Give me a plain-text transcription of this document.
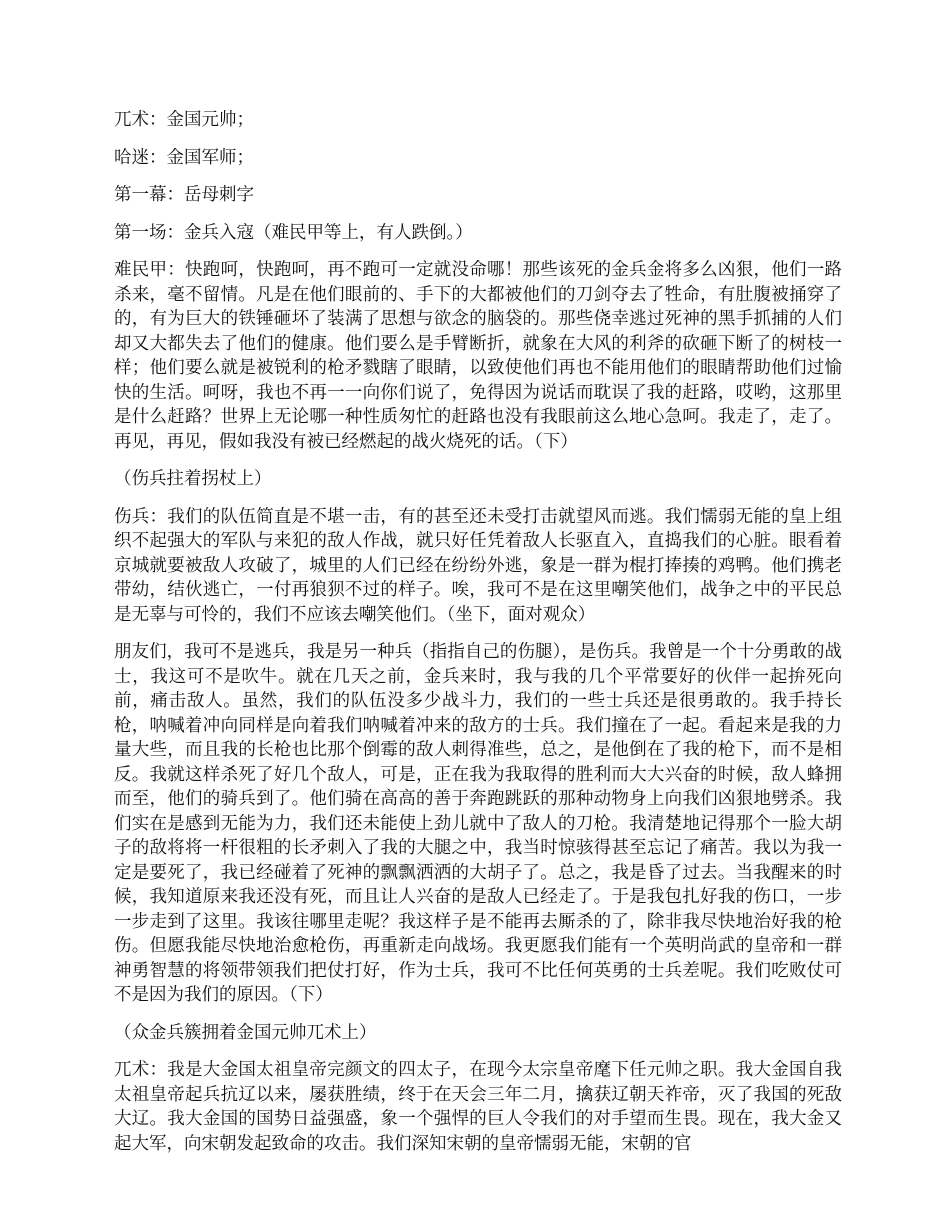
兀术：金国元帅；

哈迷：金国军师；

第一幕：岳母刺字

第一场：金兵入寇（难民甲等上，有人跌倒。）

难民甲：快跑呵，快跑呵，再不跑可一定就没命哪！那些该死的金兵金将多么凶狠，他们一路杀来，毫不留情。凡是在他们眼前的、手下的大都被他们的刀剑夺去了牲命，有肚腹被捅穿了的，有为巨大的铁锤砸坏了装满了思想与欲念的脑袋的。那些侥幸逃过死神的黑手抓捕的人们却又大都失去了他们的健康。他们要么是手臂断折，就象在大风的利斧的砍砸下断了的树枝一样；他们要么就是被锐利的枪矛戮瞎了眼睛，以致使他们再也不能用他们的眼睛帮助他们过愉快的生活。呵呀，我也不再一一向你们说了，免得因为说话而耽误了我的赶路，哎哟，这那里是什么赶路？世界上无论哪一种性质匆忙的赶路也没有我眼前这么地心急呵。我走了，走了。再见，再见，假如我没有被已经燃起的战火烧死的话。（下）

（伤兵拄着拐杖上）

伤兵：我们的队伍简直是不堪一击，有的甚至还未受打击就望风而逃。我们懦弱无能的皇上组织不起强大的军队与来犯的敌人作战，就只好任凭着敌人长驱直入，直捣我们的心脏。眼看着京城就要被敌人攻破了，城里的人们已经在纷纷外逃，象是一群为棍打捧揍的鸡鸭。他们携老带幼，结伙逃亡，一付再狼狈不过的样子。唉，我可不是在这里嘲笑他们，战争之中的平民总是无辜与可怜的，我们不应该去嘲笑他们。（坐下，面对观众）

朋友们，我可不是逃兵，我是另一种兵（指指自己的伤腿），是伤兵。我曾是一个十分勇敢的战士，我这可不是吹牛。就在几天之前，金兵来时，我与我的几个平常要好的伙伴一起拚死向前，痛击敌人。虽然，我们的队伍没多少战斗力，我们的一些士兵还是很勇敢的。我手持长枪，呐喊着冲向同样是向着我们呐喊着冲来的敌方的士兵。我们撞在了一起。看起来是我的力量大些，而且我的长枪也比那个倒霉的敌人刺得准些，总之，是他倒在了我的枪下，而不是相反。我就这样杀死了好几个敌人，可是，正在我为我取得的胜利而大大兴奋的时候，敌人蜂拥而至，他们的骑兵到了。他们骑在高高的善于奔跑跳跃的那种动物身上向我们凶狠地劈杀。我们实在是感到无能为力，我们还未能使上劲儿就中了敌人的刀枪。我清楚地记得那个一脸大胡子的敌将将一杆很粗的长矛刺入了我的大腿之中，我当时惊骇得甚至忘记了痛苦。我以为我一定是要死了，我已经碰着了死神的飘飘洒洒的大胡子了。总之，我是昏了过去。当我醒来的时候，我知道原来我还没有死，而且让人兴奋的是敌人已经走了。于是我包扎好我的伤口，一步一步走到了这里。我该往哪里走呢？我这样子是不能再去厮杀的了，除非我尽快地治好我的枪伤。但愿我能尽快地治愈枪伤，再重新走向战场。我更愿我们能有一个英明尚武的皇帝和一群神勇智慧的将领带领我们把仗打好，作为士兵，我可不比任何英勇的士兵差呢。我们吃败仗可不是因为我们的原因。（下）

（众金兵簇拥着金国元帅兀术上）

兀术：我是大金国太祖皇帝完颜文的四太子，在现今太宗皇帝麾下任元帅之职。我大金国自我太祖皇帝起兵抗辽以来，屡获胜绩，终于在天会三年二月，擒获辽朝天祚帝，灭了我国的死敌大辽。我大金国的国势日益强盛，象一个强悍的巨人令我们的对手望而生畏。现在，我大金又起大军，向宋朝发起致命的攻击。我们深知宋朝的皇帝懦弱无能，宋朝的官
